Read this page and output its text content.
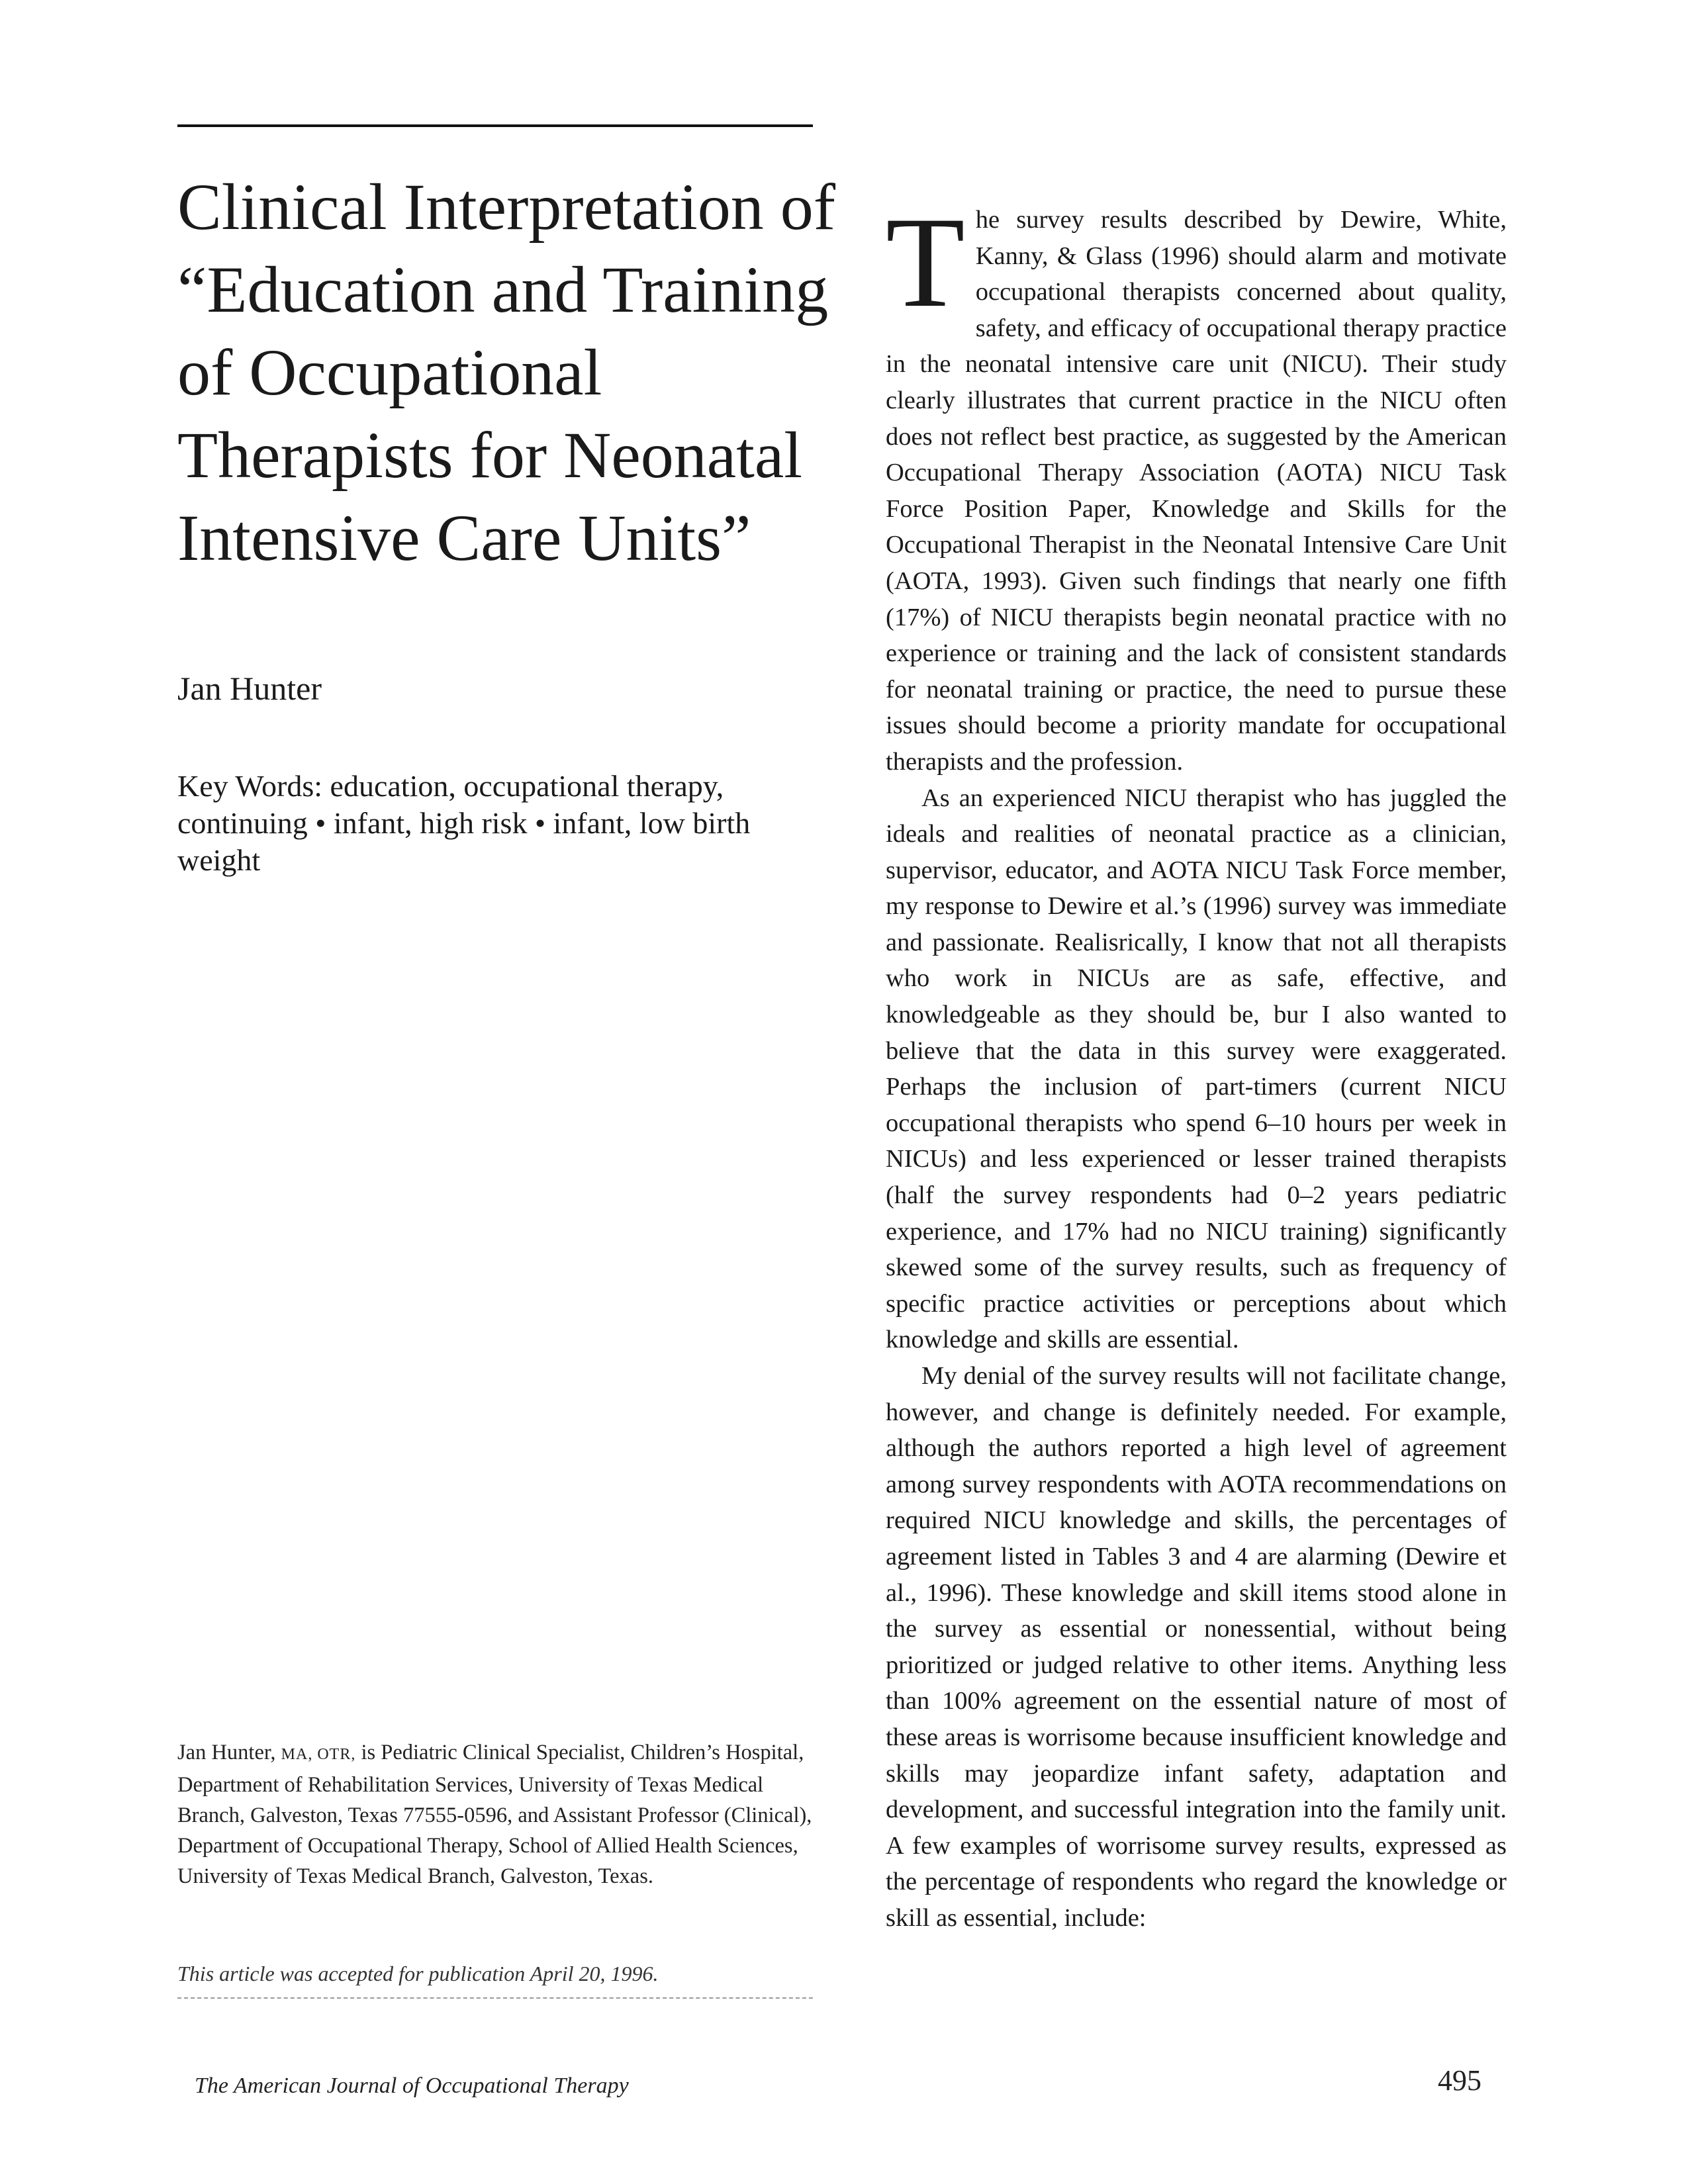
Clinical Interpretation of “Education and Training of Occupational Therapists for Neonatal Intensive Care Units”

Jan Hunter

Key Words: education, occupational therapy, continuing • infant, high risk • infant, low birth weight

Jan Hunter, MA, OTR, is Pediatric Clinical Specialist, Children’s Hospital, Department of Rehabilitation Services, University of Texas Medical Branch, Galveston, Texas 77555-0596, and Assistant Professor (Clinical), Department of Occupational Therapy, School of Allied Health Sciences, University of Texas Medical Branch, Galveston, Texas.

This article was accepted for publication April 20, 1996.

The survey results described by Dewire, White, Kanny, & Glass (1996) should alarm and motivate occupational therapists concerned about quality, safety, and efficacy of occupational therapy practice in the neonatal intensive care unit (NICU). Their study clearly illustrates that current practice in the NICU often does not reflect best practice, as suggested by the American Occupational Therapy Association (AOTA) NICU Task Force Position Paper, Knowledge and Skills for the Occupational Therapist in the Neonatal Intensive Care Unit (AOTA, 1993). Given such findings that nearly one fifth (17%) of NICU therapists begin neonatal practice with no experience or training and the lack of consistent standards for neonatal training or practice, the need to pursue these issues should become a priority mandate for occupational therapists and the profession.

As an experienced NICU therapist who has juggled the ideals and realities of neonatal practice as a clinician, supervisor, educator, and AOTA NICU Task Force member, my response to Dewire et al.’s (1996) survey was immediate and passionate. Realisrically, I know that not all therapists who work in NICUs are as safe, effective, and knowledgeable as they should be, bur I also wanted to believe that the data in this survey were exaggerated. Perhaps the inclusion of part-timers (current NICU occupational therapists who spend 6–10 hours per week in NICUs) and less experienced or lesser trained therapists (half the survey respondents had 0–2 years pediatric experience, and 17% had no NICU training) significantly skewed some of the survey results, such as frequency of specific practice activities or perceptions about which knowledge and skills are essential.

My denial of the survey results will not facilitate change, however, and change is definitely needed. For example, although the authors reported a high level of agreement among survey respondents with AOTA recommendations on required NICU knowledge and skills, the percentages of agreement listed in Tables 3 and 4 are alarming (Dewire et al., 1996). These knowledge and skill items stood alone in the survey as essential or nonessential, without being prioritized or judged relative to other items. Anything less than 100% agreement on the essential nature of most of these areas is worrisome because insufficient knowledge and skills may jeopardize infant safety, adaptation and development, and successful integration into the family unit. A few examples of worrisome survey results, expressed as the percentage of respondents who regard the knowledge or skill as essential, include:

The American Journal of Occupational Therapy	495
